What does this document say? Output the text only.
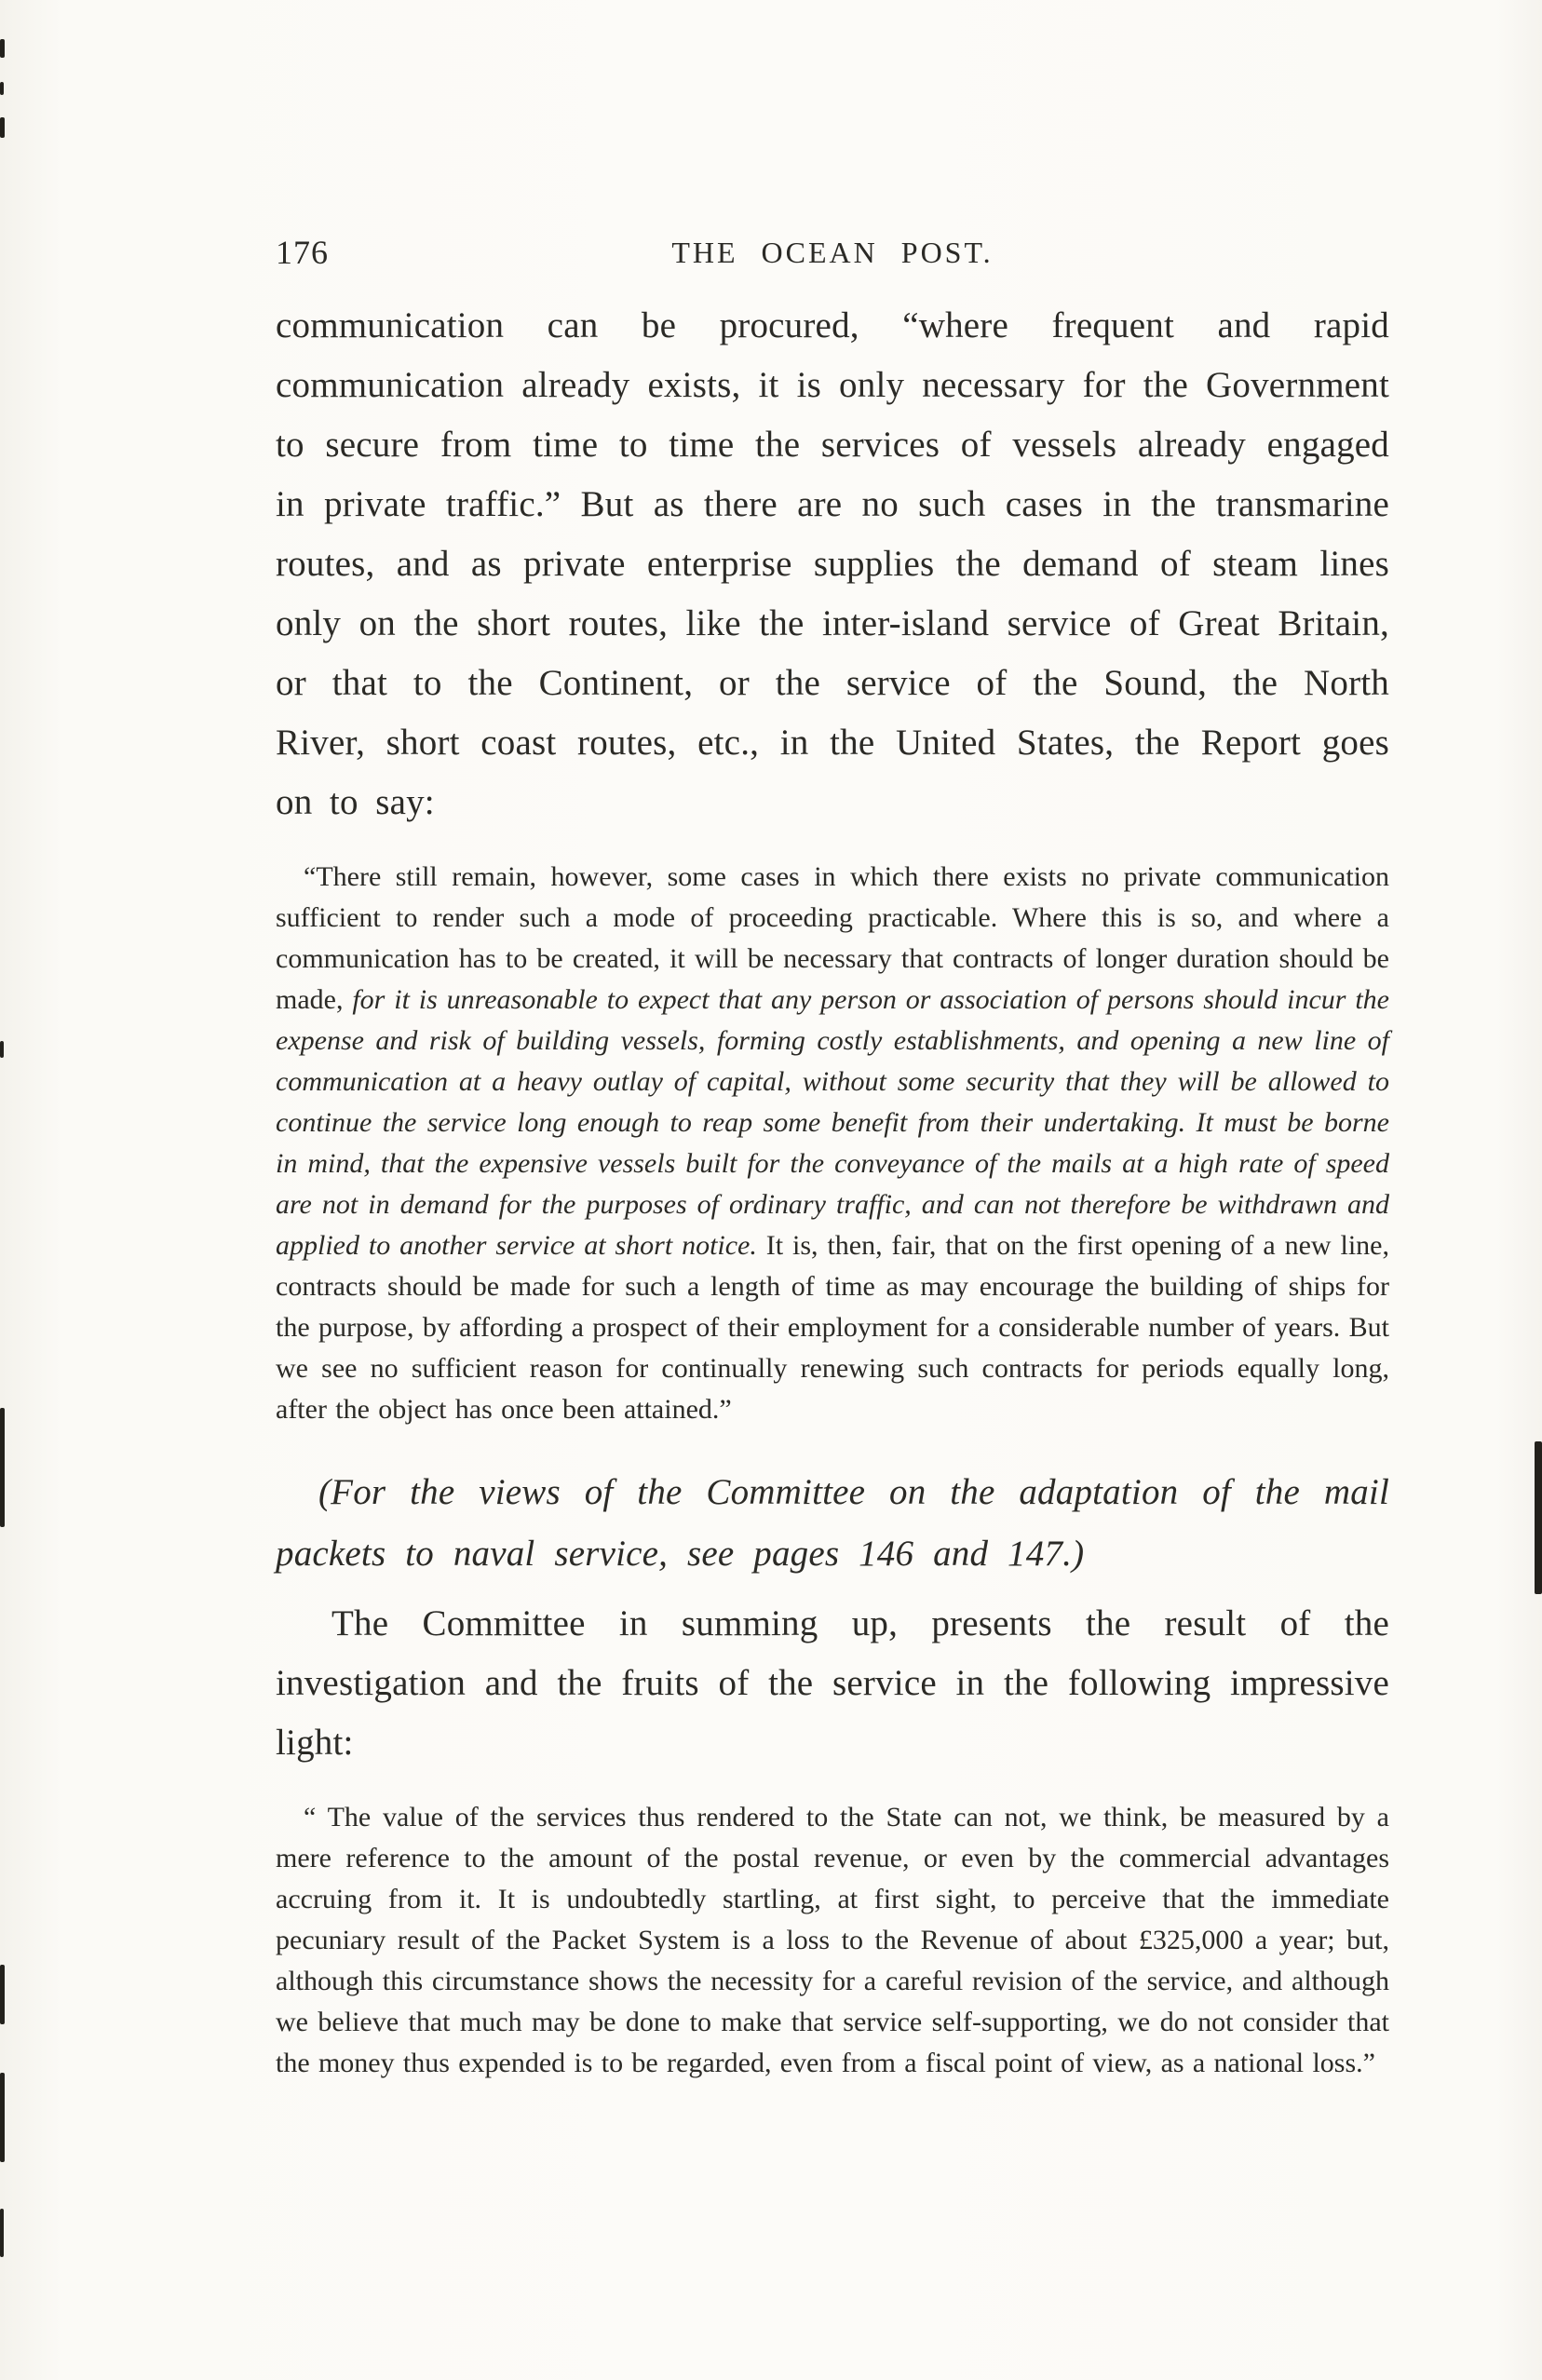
176	THE OCEAN POST.

communication can be procured, “where frequent and rapid communication already exists, it is only necessary for the Government to secure from time to time the services of vessels already engaged in private traffic.” But as there are no such cases in the transmarine routes, and as private enterprise supplies the demand of steam lines only on the short routes, like the inter-island service of Great Britain, or that to the Continent, or the service of the Sound, the North River, short coast routes, etc., in the United States, the Report goes on to say:

“There still remain, however, some cases in which there exists no private communication sufficient to render such a mode of proceeding practicable. Where this is so, and where a communication has to be created, it will be necessary that contracts of longer duration should be made, for it is unreasonable to expect that any person or association of persons should incur the expense and risk of building vessels, forming costly establishments, and opening a new line of communication at a heavy outlay of capital, without some security that they will be allowed to continue the service long enough to reap some benefit from their undertaking. It must be borne in mind, that the expensive vessels built for the conveyance of the mails at a high rate of speed are not in demand for the purposes of ordinary traffic, and can not therefore be withdrawn and applied to another service at short notice. It is, then, fair, that on the first opening of a new line, contracts should be made for such a length of time as may encourage the building of ships for the purpose, by affording a prospect of their employment for a considerable number of years. But we see no sufficient reason for continually renewing such contracts for periods equally long, after the object has once been attained.”

(For the views of the Committee on the adaptation of the mail packets to naval service, see pages 146 and 147.)

The Committee in summing up, presents the result of the investigation and the fruits of the service in the following impressive light:

“ The value of the services thus rendered to the State can not, we think, be measured by a mere reference to the amount of the postal revenue, or even by the commercial advantages accruing from it. It is undoubtedly startling, at first sight, to perceive that the immediate pecuniary result of the Packet System is a loss to the Revenue of about £325,000 a year; but, although this circumstance shows the necessity for a careful revision of the service, and although we believe that much may be done to make that service self-supporting, we do not consider that the money thus expended is to be regarded, even from a fiscal point of view, as a national loss.”
